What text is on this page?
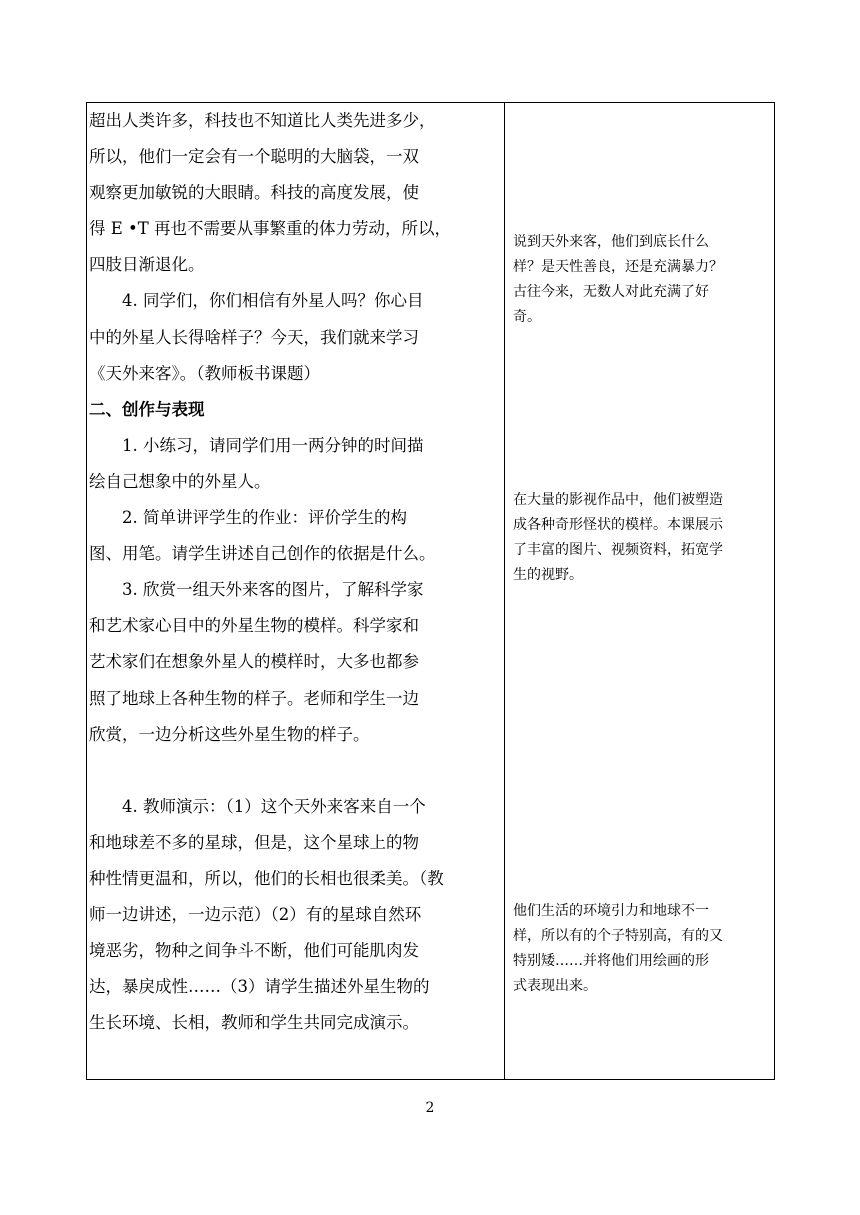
超出人类许多，科技也不知道比人类先进多少，

所以，他们一定会有一个聪明的大脑袋，一双

观察更加敏锐的大眼睛。科技的高度发展，使

得 E •T 再也不需要从事繁重的体力劳动，所以，

四肢日渐退化。

4. 同学们，你们相信有外星人吗？你心目

中的外星人长得啥样子？今天，我们就来学习

《天外来客》。（教师板书课题）

二、创作与表现

1. 小练习，请同学们用一两分钟的时间描

绘自己想象中的外星人。

2. 简单讲评学生的作业：评价学生的构

图、用笔。请学生讲述自己创作的依据是什么。

3. 欣赏一组天外来客的图片，了解科学家

和艺术家心目中的外星生物的模样。科学家和

艺术家们在想象外星人的模样时，大多也都参

照了地球上各种生物的样子。老师和学生一边

欣赏，一边分析这些外星生物的样子。

4. 教师演示：（1）这个天外来客来自一个

和地球差不多的星球，但是，这个星球上的物

种性情更温和，所以，他们的长相也很柔美。（教

师一边讲述，一边示范）（2）有的星球自然环

境恶劣，物种之间争斗不断，他们可能肌肉发

达，暴戾成性……（3）请学生描述外星生物的

生长环境、长相，教师和学生共同完成演示。

说到天外来客，他们到底长什么

样？是天性善良，还是充满暴力？

古往今来，无数人对此充满了好

奇。

在大量的影视作品中，他们被塑造

成各种奇形怪状的模样。本课展示

了丰富的图片、视频资料，拓宽学

生的视野。

他们生活的环境引力和地球不一

样，所以有的个子特别高，有的又

特别矮……并将他们用绘画的形

式表现出来。

2
